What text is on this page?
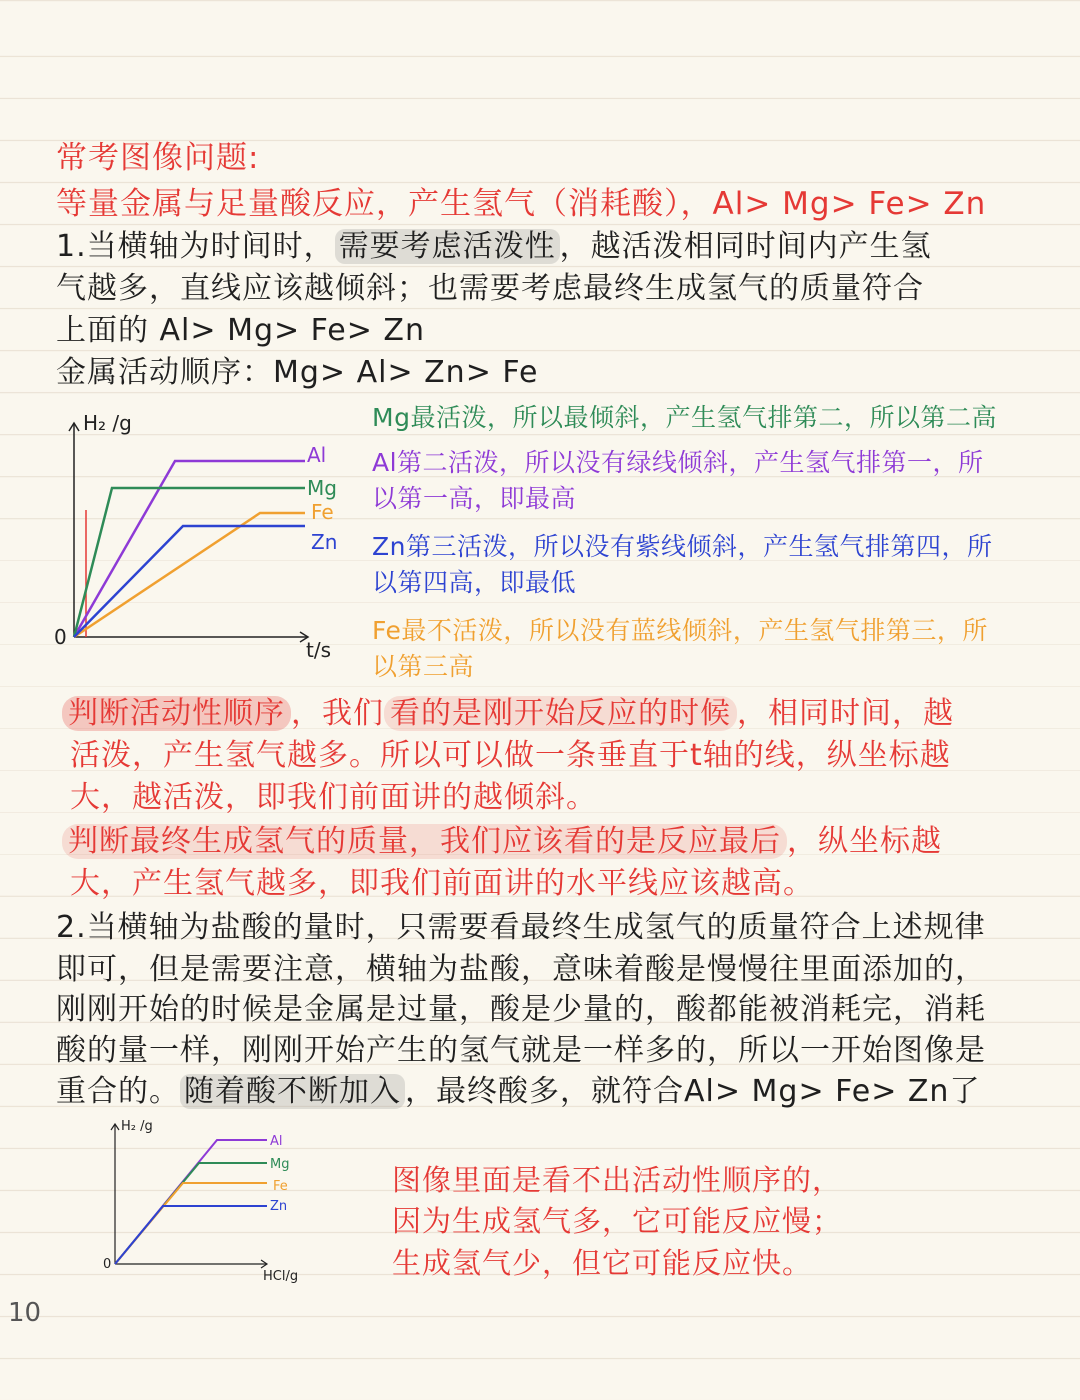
常考图像问题:
等量金属与足量酸反应，产生氢气（消耗酸），Al> Mg> Fe> Zn
1.当横轴为时间时， 需要考虑活泼性 ，越活泼相同时间内产生氢
气越多，直线应该越倾斜；也需要考虑最终生成氢气的质量符合
上面的 Al> Mg> Fe> Zn
金属活动顺序：Mg> Al> Zn> Fe
H₂ /g
t/s
0
Al
Mg
Fe
Zn
Mg最活泼，所以最倾斜，产生氢气排第二，所以第二高
Al第二活泼，所以没有绿线倾斜，产生氢气排第一，所
以第一高，即最高
Zn第三活泼，所以没有紫线倾斜，产生氢气排第四，所
以第四高，即最低
Fe最不活泼，所以没有蓝线倾斜，产生氢气排第三，所
以第三高
判断活动性顺序 ，我们 看的是刚开始反应的时候 ，相同时间，越
活泼，产生氢气越多。所以可以做一条垂直于t轴的线，纵坐标越
大，越活泼，即我们前面讲的越倾斜。
判断最终生成氢气的质量，我们应该看的是反应最后 ，纵坐标越
大，产生氢气越多，即我们前面讲的水平线应该越高。
2.当横轴为盐酸的量时，只需要看最终生成氢气的质量符合上述规律
即可，但是需要注意，横轴为盐酸，意味着酸是慢慢往里面添加的，
刚刚开始的时候是金属是过量，酸是少量的，酸都能被消耗完，消耗
酸的量一样，刚刚开始产生的氢气就是一样多的，所以一开始图像是
重合的。 随着酸不断加入 ，最终酸多，就符合Al> Mg> Fe> Zn了
H₂ /g
HCl/g
0
Al
Mg
Fe
Zn
图像里面是看不出活动性顺序的，
因为生成氢气多，它可能反应慢；
生成氢气少，但它可能反应快。
10
